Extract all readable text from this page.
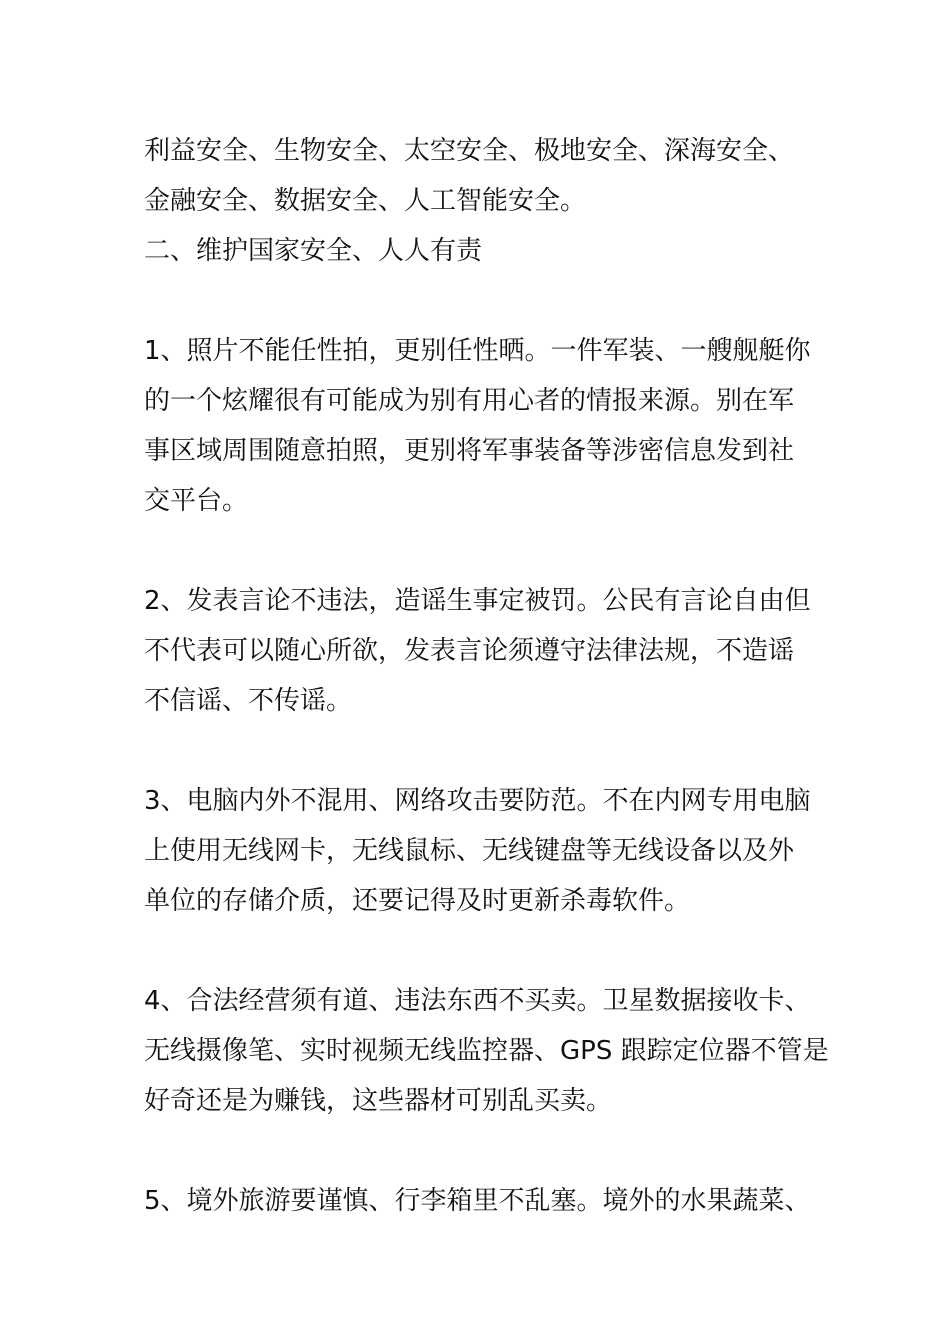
利益安全、生物安全、太空安全、极地安全、深海安全、
金融安全、数据安全、人工智能安全。
二、维护国家安全、人人有责
1、照片不能任性拍，更别任性晒。一件军装、一艘舰艇你
的一个炫耀很有可能成为别有用心者的情报来源。别在军
事区域周围随意拍照，更别将军事装备等涉密信息发到社
交平台。
2、发表言论不违法，造谣生事定被罚。公民有言论自由但
不代表可以随心所欲，发表言论须遵守法律法规，不造谣
不信谣、不传谣。
3、电脑内外不混用、网络攻击要防范。不在内网专用电脑
上使用无线网卡，无线鼠标、无线键盘等无线设备以及外
单位的存储介质，还要记得及时更新杀毒软件。
4、合法经营须有道、违法东西不买卖。卫星数据接收卡、
无线摄像笔、实时视频无线监控器、GPS 跟踪定位器不管是
好奇还是为赚钱，这些器材可别乱买卖。
5、境外旅游要谨慎、行李箱里不乱塞。境外的水果蔬菜、
